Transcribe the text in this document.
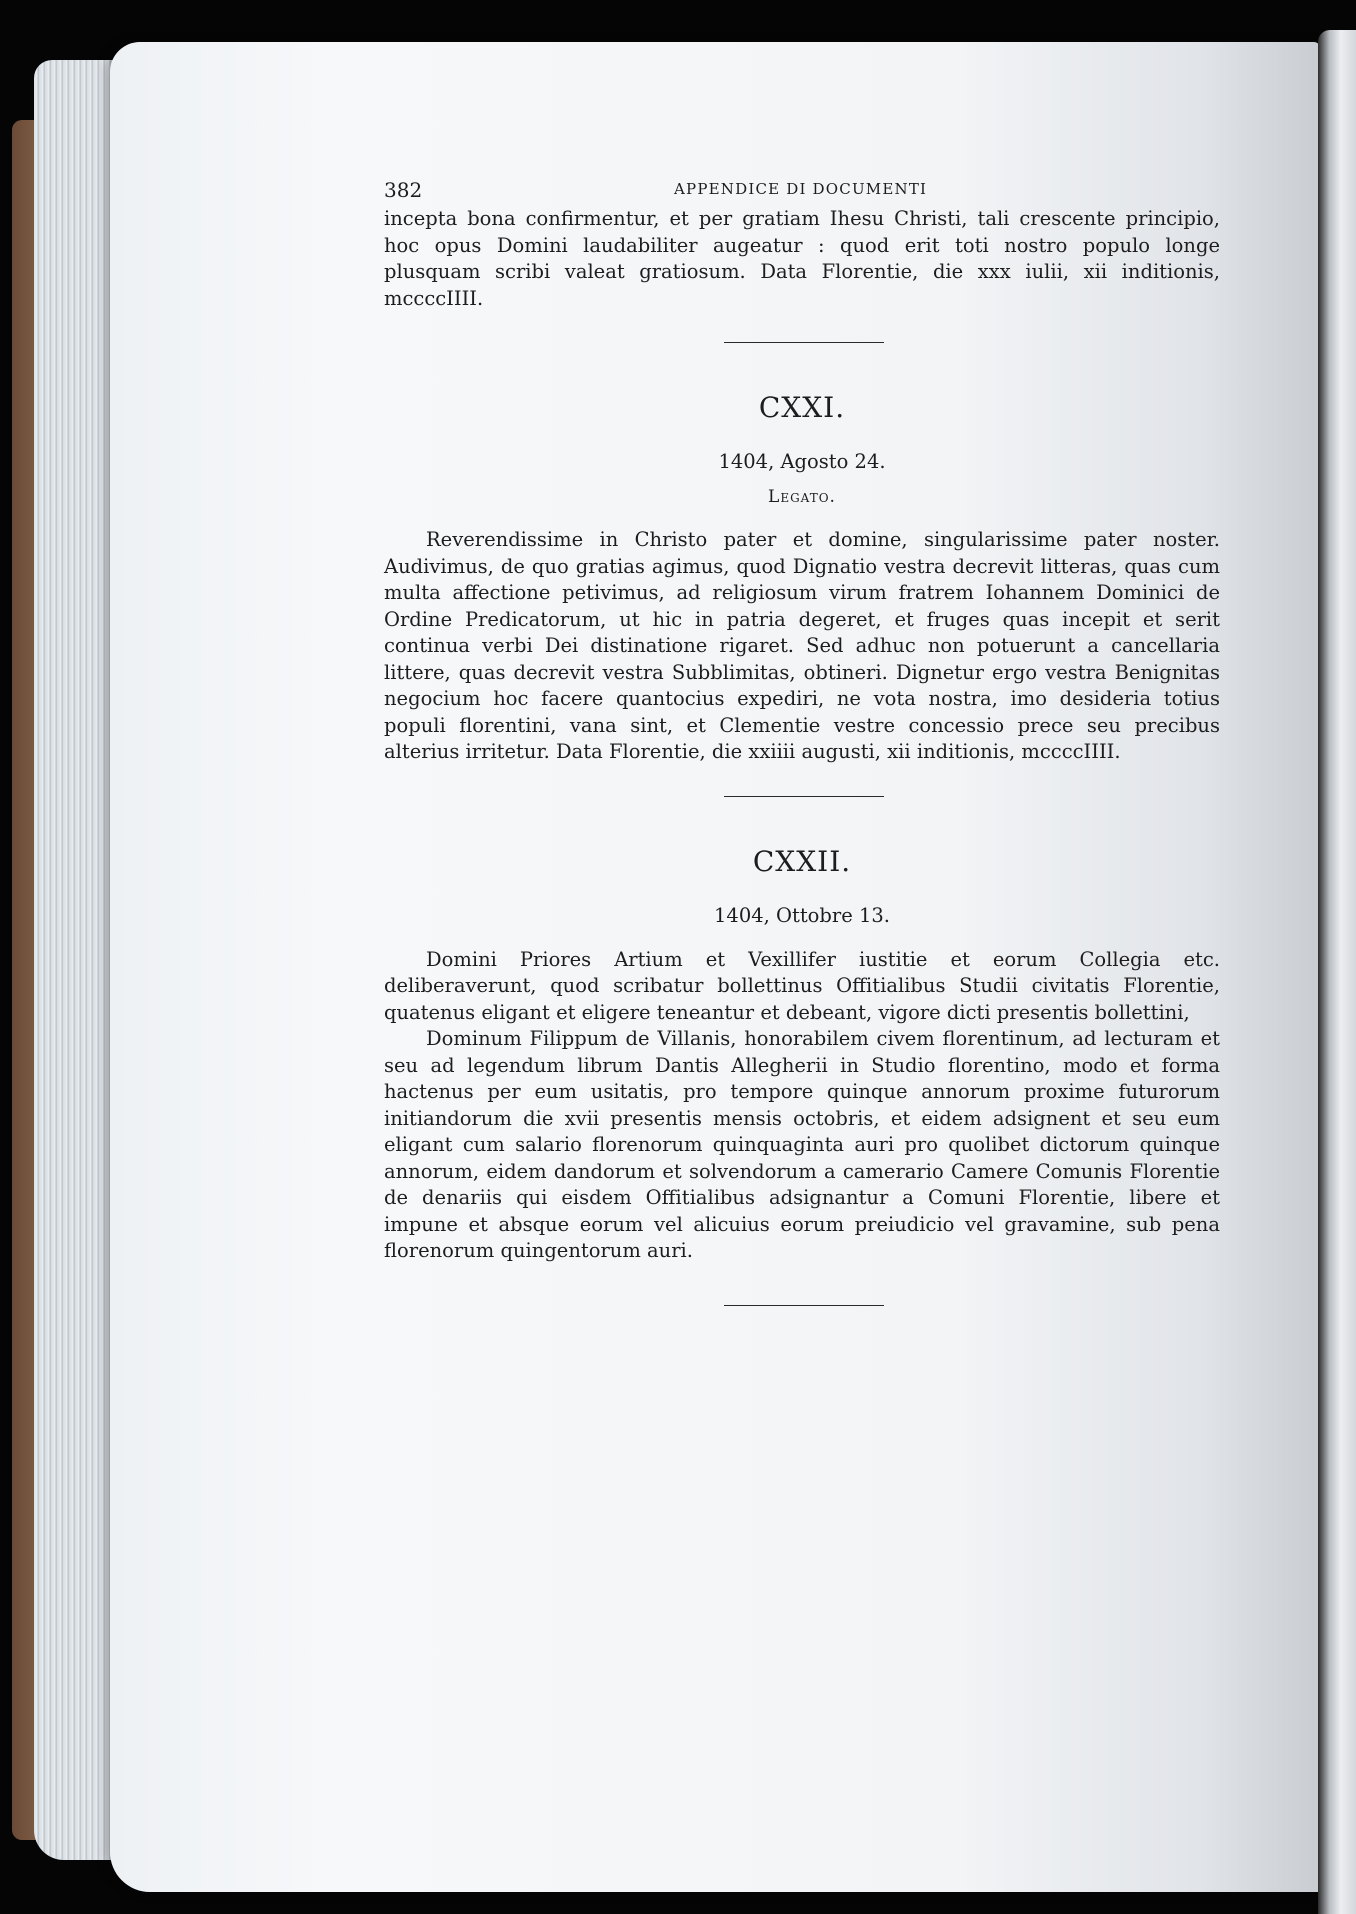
382	APPENDICE DI DOCUMENTI

incepta bona confirmentur, et per gratiam Ihesu Christi, tali crescente principio, hoc opus Domini laudabiliter augeatur : quod erit toti nostro populo longe plusquam scribi valeat gratiosum. Data Florentie, die xxx iulii, xii inditionis, mccccIIII.

CXXI.

1404, Agosto 24.

Legato.

Reverendissime in Christo pater et domine, singularissime pater noster. Audivimus, de quo gratias agimus, quod Dignatio vestra decrevit litteras, quas cum multa affectione petivimus, ad religiosum virum fratrem Iohannem Dominici de Ordine Predicatorum, ut hic in patria degeret, et fruges quas incepit et serit continua verbi Dei distinatione rigaret. Sed adhuc non potuerunt a cancellaria littere, quas decrevit vestra Subblimitas, obtineri. Dignetur ergo vestra Benignitas negocium hoc facere quantocius expediri, ne vota nostra, imo desideria totius populi florentini, vana sint, et Clementie vestre concessio prece seu precibus alterius irritetur. Data Florentie, die xxiiii augusti, xii inditionis, mccccIIII.

CXXII.

1404, Ottobre 13.

Domini Priores Artium et Vexillifer iustitie et eorum Collegia etc. deliberaverunt, quod scribatur bollettinus Offitialibus Studii civitatis Florentie, quatenus eligant et eligere teneantur et debeant, vigore dicti presentis bollettini,

Dominum Filippum de Villanis, honorabilem civem florentinum, ad lecturam et seu ad legendum librum Dantis Allegherii in Studio florentino, modo et forma hactenus per eum usitatis, pro tempore quinque annorum proxime futurorum initiandorum die xvii presentis mensis octobris, et eidem adsignent et seu eum eligant cum salario florenorum quinquaginta auri pro quolibet dictorum quinque annorum, eidem dandorum et solvendorum a camerario Camere Comunis Florentie de denariis qui eisdem Offitialibus adsignantur a Comuni Florentie, libere et impune et absque eorum vel alicuius eorum preiudicio vel gravamine, sub pena florenorum quingentorum auri.
